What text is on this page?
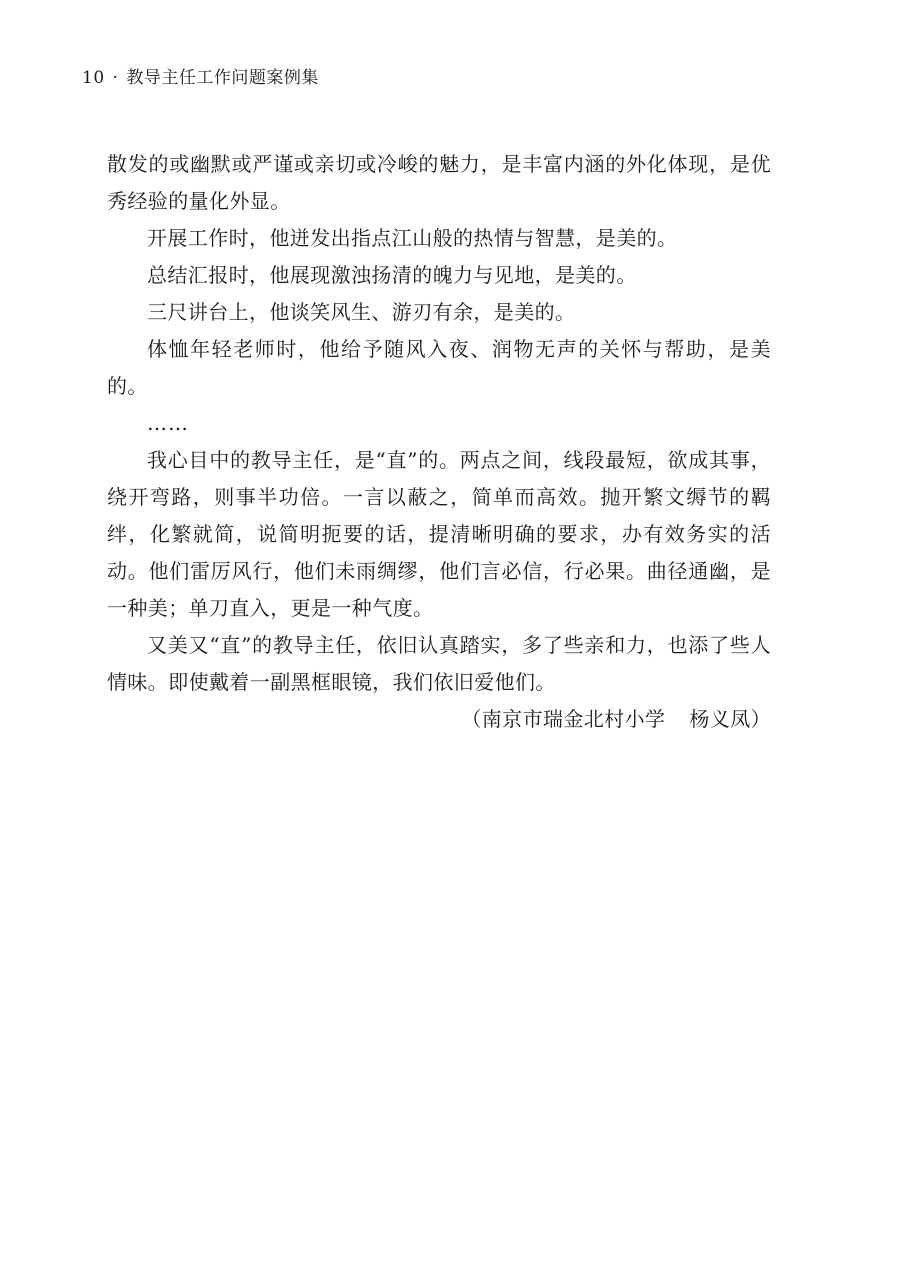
10 · 教导主任工作问题案例集

散发的或幽默或严谨或亲切或冷峻的魅力，是丰富内涵的外化体现，是优秀经验的量化外显。

开展工作时，他迸发出指点江山般的热情与智慧，是美的。

总结汇报时，他展现激浊扬清的魄力与见地，是美的。

三尺讲台上，他谈笑风生、游刃有余，是美的。

体恤年轻老师时，他给予随风入夜、润物无声的关怀与帮助，是美的。

……

我心目中的教导主任，是“直”的。两点之间，线段最短，欲成其事，绕开弯路，则事半功倍。一言以蔽之，简单而高效。抛开繁文缛节的羁绊，化繁就简，说简明扼要的话，提清晰明确的要求，办有效务实的活动。他们雷厉风行，他们未雨绸缪，他们言必信，行必果。曲径通幽，是一种美；单刀直入，更是一种气度。

又美又“直”的教导主任，依旧认真踏实，多了些亲和力，也添了些人情味。即使戴着一副黑框眼镜，我们依旧爱他们。

（南京市瑞金北村小学 杨义凤）
